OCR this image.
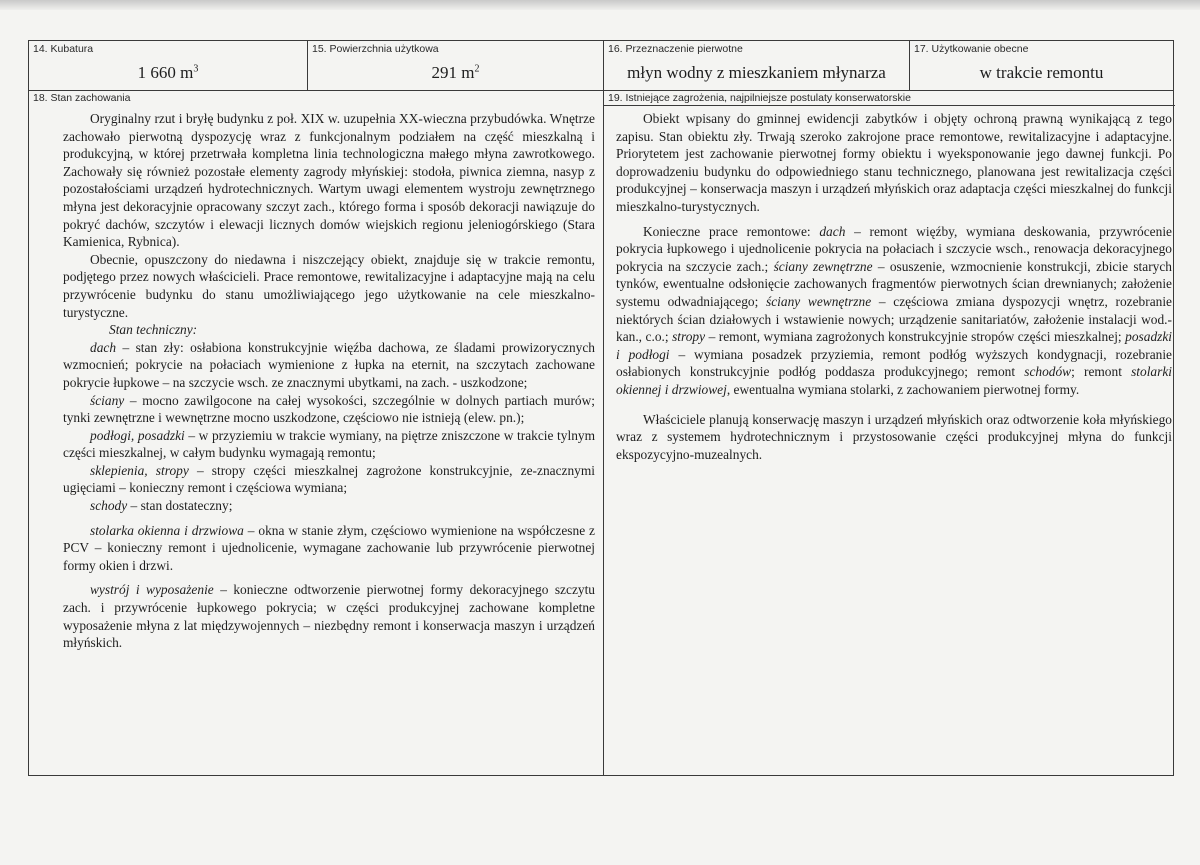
14. Kubatura
1 660 $m^3$
15. Powierzchnia użytkowa
291 $m^2$
16. Przeznaczenie pierwotne
młyn wodny z mieszkaniem młynarza
17. Użytkowanie obecne
w trakcie remontu
18. Stan zachowania

Oryginalny rzut i bryłę budynku z poł. XIX w. uzupełnia XX-wieczna przybudówka. Wnętrze zachowało pierwotną dyspozycję wraz z funkcjonalnym podziałem na część mieszkalną i produkcyjną, w której przetrwała kompletna linia technologiczna małego młyna zawrotkowego. Zachowały się również pozostałe elementy zagrody młyńskiej: stodoła, piwnica ziemna, nasyp z pozostałościami urządzeń hydrotechnicznych. Wartym uwagi elementem wystroju zewnętrznego młyna jest dekoracyjnie opracowany szczyt zach., którego forma i sposób dekoracji nawiązuje do pokryć dachów, szczytów i elewacji licznych domów wiejskich regionu jeleniogórskiego (Stara Kamienica, Rybnica).

Obecnie, opuszczony do niedawna i niszczejący obiekt, znajduje się w trakcie remontu, podjętego przez nowych właścicieli. Prace remontowe, rewitalizacyjne i adaptacyjne mają na celu przywrócenie budynku do stanu umożliwiającego jego użytkowanie na cele mieszkalno-turystyczne.

Stan techniczny:

dach – stan zły: osłabiona konstrukcyjnie więźba dachowa, ze śladami prowizorycznych wzmocnień; pokrycie na połaciach wymienione z łupka na eternit, na szczytach zachowane pokrycie łupkowe – na szczycie wsch. ze znacznymi ubytkami, na zach. - uszkodzone;

ściany – mocno zawilgocone na całej wysokości, szczególnie w dolnych partiach murów; tynki zewnętrzne i wewnętrzne mocno uszkodzone, częściowo nie istnieją (elew. pn.);

podłogi, posadzki – w przyziemiu w trakcie wymiany, na piętrze zniszczone w trakcie tylnym części mieszkalnej, w całym budynku wymagają remontu;

sklepienia, stropy – stropy części mieszkalnej zagrożone konstrukcyjnie, ze-znacznymi ugięciami – konieczny remont i częściowa wymiana;

schody – stan dostateczny;

stolarka okienna i drzwiowa – okna w stanie złym, częściowo wymienione na współczesne z PCV – konieczny remont i ujednolicenie, wymagane zachowanie lub przywrócenie pierwotnej formy okien i drzwi.

wystrój i wyposażenie – konieczne odtworzenie pierwotnej formy dekoracyjnego szczytu zach. i przywrócenie łupkowego pokrycia; w części produkcyjnej zachowane kompletne wyposażenie młyna z lat międzywojennych – niezbędny remont i konserwacja maszyn i urządzeń młyńskich.

19. Istniejące zagrożenia, najpilniejsze postulaty konserwatorskie

Obiekt wpisany do gminnej ewidencji zabytków i objęty ochroną prawną wynikającą z tego zapisu. Stan obiektu zły. Trwają szeroko zakrojone prace remontowe, rewitalizacyjne i adaptacyjne. Priorytetem jest zachowanie pierwotnej formy obiektu i wyeksponowanie jego dawnej funkcji. Po doprowadzeniu budynku do odpowiedniego stanu technicznego, planowana jest rewitalizacja części produkcyjnej – konserwacja maszyn i urządzeń młyńskich oraz adaptacja części mieszkalnej do funkcji mieszkalno-turystycznych.

Konieczne prace remontowe: dach – remont więźby, wymiana deskowania, przywrócenie pokrycia łupkowego i ujednolicenie pokrycia na połaciach i szczycie wsch., renowacja dekoracyjnego pokrycia na szczycie zach.; ściany zewnętrzne – osuszenie, wzmocnienie konstrukcji, zbicie starych tynków, ewentualne odsłonięcie zachowanych fragmentów pierwotnych ścian drewnianych; założenie systemu odwadniającego; ściany wewnętrzne – częściowa zmiana dyspozycji wnętrz, rozebranie niektórych ścian działowych i wstawienie nowych; urządzenie sanitariatów, założenie instalacji wod.-kan., c.o.; stropy – remont, wymiana zagrożonych konstrukcyjnie stropów części mieszkalnej; posadzki i podłogi – wymiana posadzek przyziemia, remont podłóg wyższych kondygnacji, rozebranie osłabionych konstrukcyjnie podłóg poddasza produkcyjnego; remont schodów; remont stolarki okiennej i drzwiowej, ewentualna wymiana stolarki, z zachowaniem pierwotnej formy.

Właściciele planują konserwację maszyn i urządzeń młyńskich oraz odtworzenie koła młyńskiego wraz z systemem hydrotechnicznym i przystosowanie części produkcyjnej młyna do funkcji ekspozycyjno-muzealnych.
